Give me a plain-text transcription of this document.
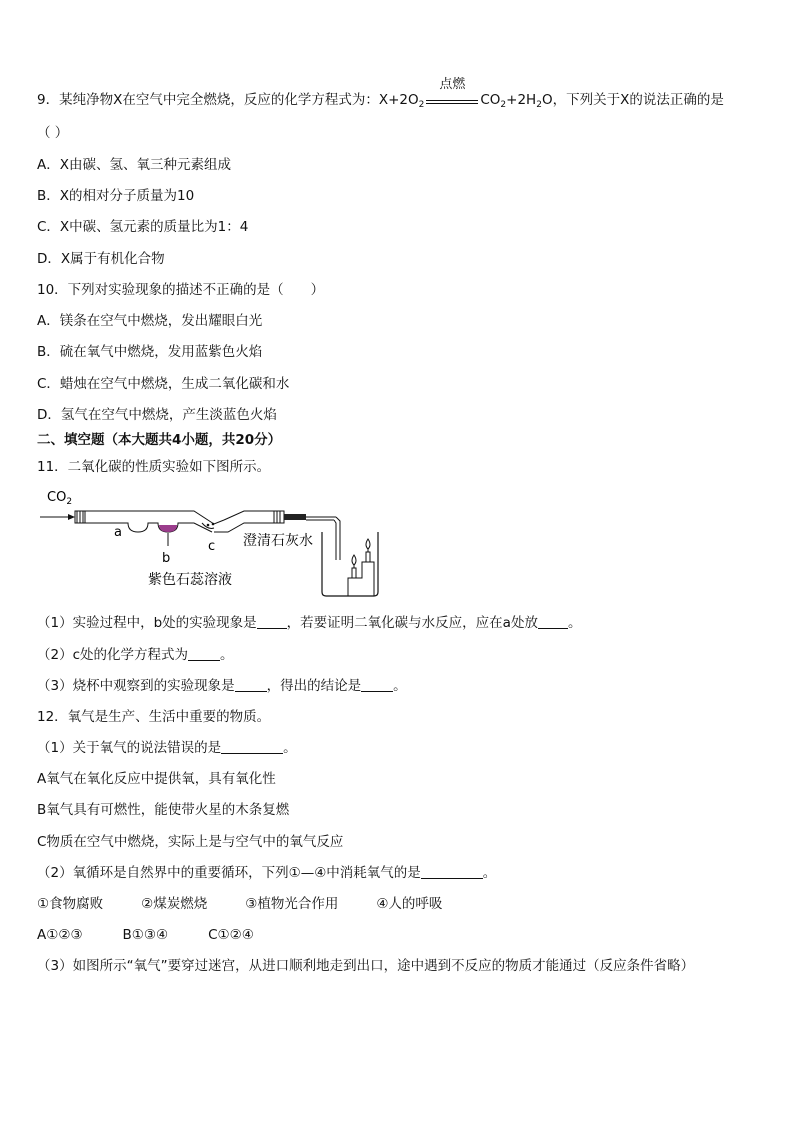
9．某纯净物X在空气中完全燃烧，反应的化学方程式为：$X+2O_2$
点燃
$CO_2+2H_2O$，下列关于X的说法正确的是
（ ）
A．X由碳、氢、氧三种元素组成
B．X的相对分子质量为10
C．X中碳、氢元素的质量比为1：4
D．X属于有机化合物
10．下列对实验现象的描述不正确的是（　　）
A．镁条在空气中燃烧，发出耀眼白光
B．硫在氧气中燃烧，发用蓝紫色火焰
C．蜡烛在空气中燃烧，生成二氧化碳和水
D．氢气在空气中燃烧，产生淡蓝色火焰
二、填空题（本大题共4小题，共20分）
11．二氧化碳的性质实验如下图所示。
$CO_2$
a
b
c 澄清石灰水
紫色石蕊溶液
（1）实验过程中，b处的实验现象是 ，若要证明二氧化碳与水反应，应在a处放 。
（2）c处的化学方程式为 。
（3）烧杯中观察到的实验现象是 ，得出的结论是 。
12．氧气是生产、生活中重要的物质。
（1）关于氧气的说法错误的是	。
A氧气在氧化反应中提供氧，具有氧化性
B氧气具有可燃性，能使带火星的木条复燃
C物质在空气中燃烧，实际上是与空气中的氧气反应
（2）氧循环是自然界中的重要循环，下列①—④中消耗氧气的是	。
①食物腐败	②煤炭燃烧	③植物光合作用	④人的呼吸
A①②③	B①③④	C①②④
（3）如图所示“氧气”要穿过迷宫，从进口顺利地走到出口，途中遇到不反应的物质才能通过（反应条件省略）
